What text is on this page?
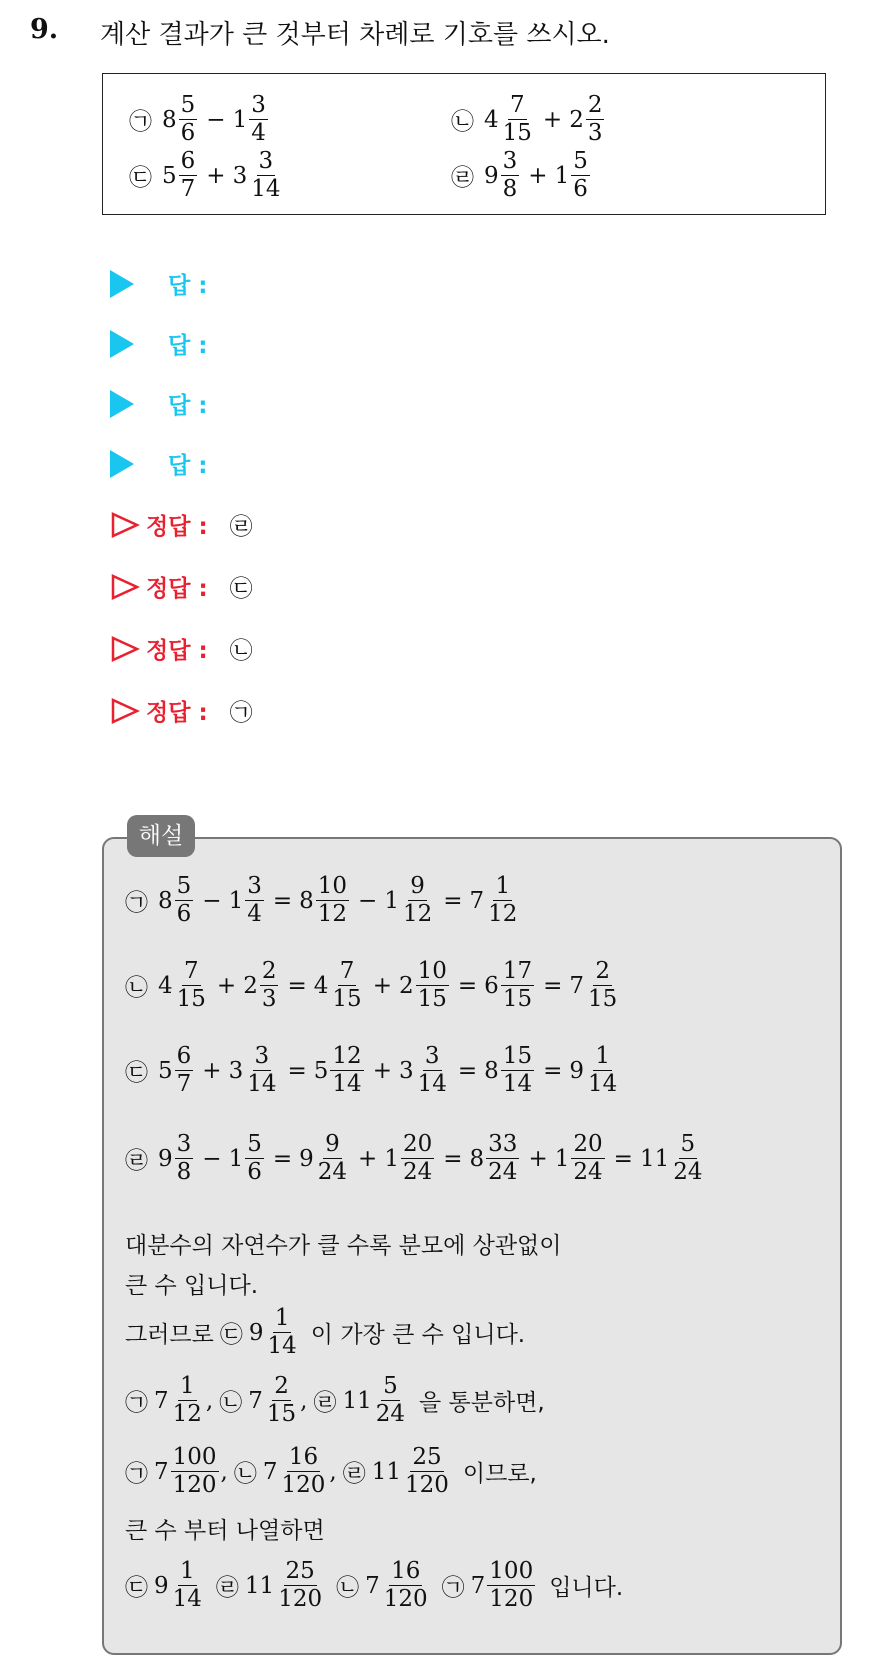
9. 계산 결과가 큰 것부터 차례로 기호를 쓰시오.
㉠ $8 \frac{5}{6} - 1 \frac{3}{4}$	㉡ $4 \frac{7}{15} + 2 \frac{2}{3}$
㉢ $5 \frac{6}{7} + 3 \frac{3}{14}$	㉣ $9 \frac{3}{8} + 1 \frac{5}{6}$
답 :
답 :
답 :
답 :
정답 : ㉣
정답 : ㉢
정답 : ㉡
정답 : ㉠
해설
㉠ $8 \frac{5}{6} - 1 \frac{3}{4} = 8 \frac{10}{12} - 1 \frac{9}{12} = 7 \frac{1}{12}$
㉡ $4 \frac{7}{15} + 2 \frac{2}{3} = 4 \frac{7}{15} + 2 \frac{10}{15} = 6 \frac{17}{15} = 7 \frac{2}{15}$
㉢ $5 \frac{6}{7} + 3 \frac{3}{14} = 5 \frac{12}{14} + 3 \frac{3}{14} = 8 \frac{15}{14} = 9 \frac{1}{14}$
㉣ $9 \frac{3}{8} - 1 \frac{5}{6} = 9 \frac{9}{24} + 1 \frac{20}{24} = 8 \frac{33}{24} + 1 \frac{20}{24} = 11 \frac{5}{24}$
대분수의 자연수가 클 수록 분모에 상관없이
큰 수 입니다.
그러므로 ㉢ $9 \frac{1}{14}$ 이 가장 큰 수 입니다.
㉠ $7 \frac{1}{12}$ , ㉡ $7 \frac{2}{15}$ , ㉣ $11 \frac{5}{24}$ 을 통분하면,
㉠ $7 \frac{100}{120}$ , ㉡ $7 \frac{16}{120}$ , ㉣ $11 \frac{25}{120}$ 이므로,
큰 수 부터 나열하면
㉢ $9 \frac{1}{14}$ ㉣ $11 \frac{25}{120}$ ㉡ $7 \frac{16}{120}$ ㉠ $7 \frac{100}{120}$ 입니다.
